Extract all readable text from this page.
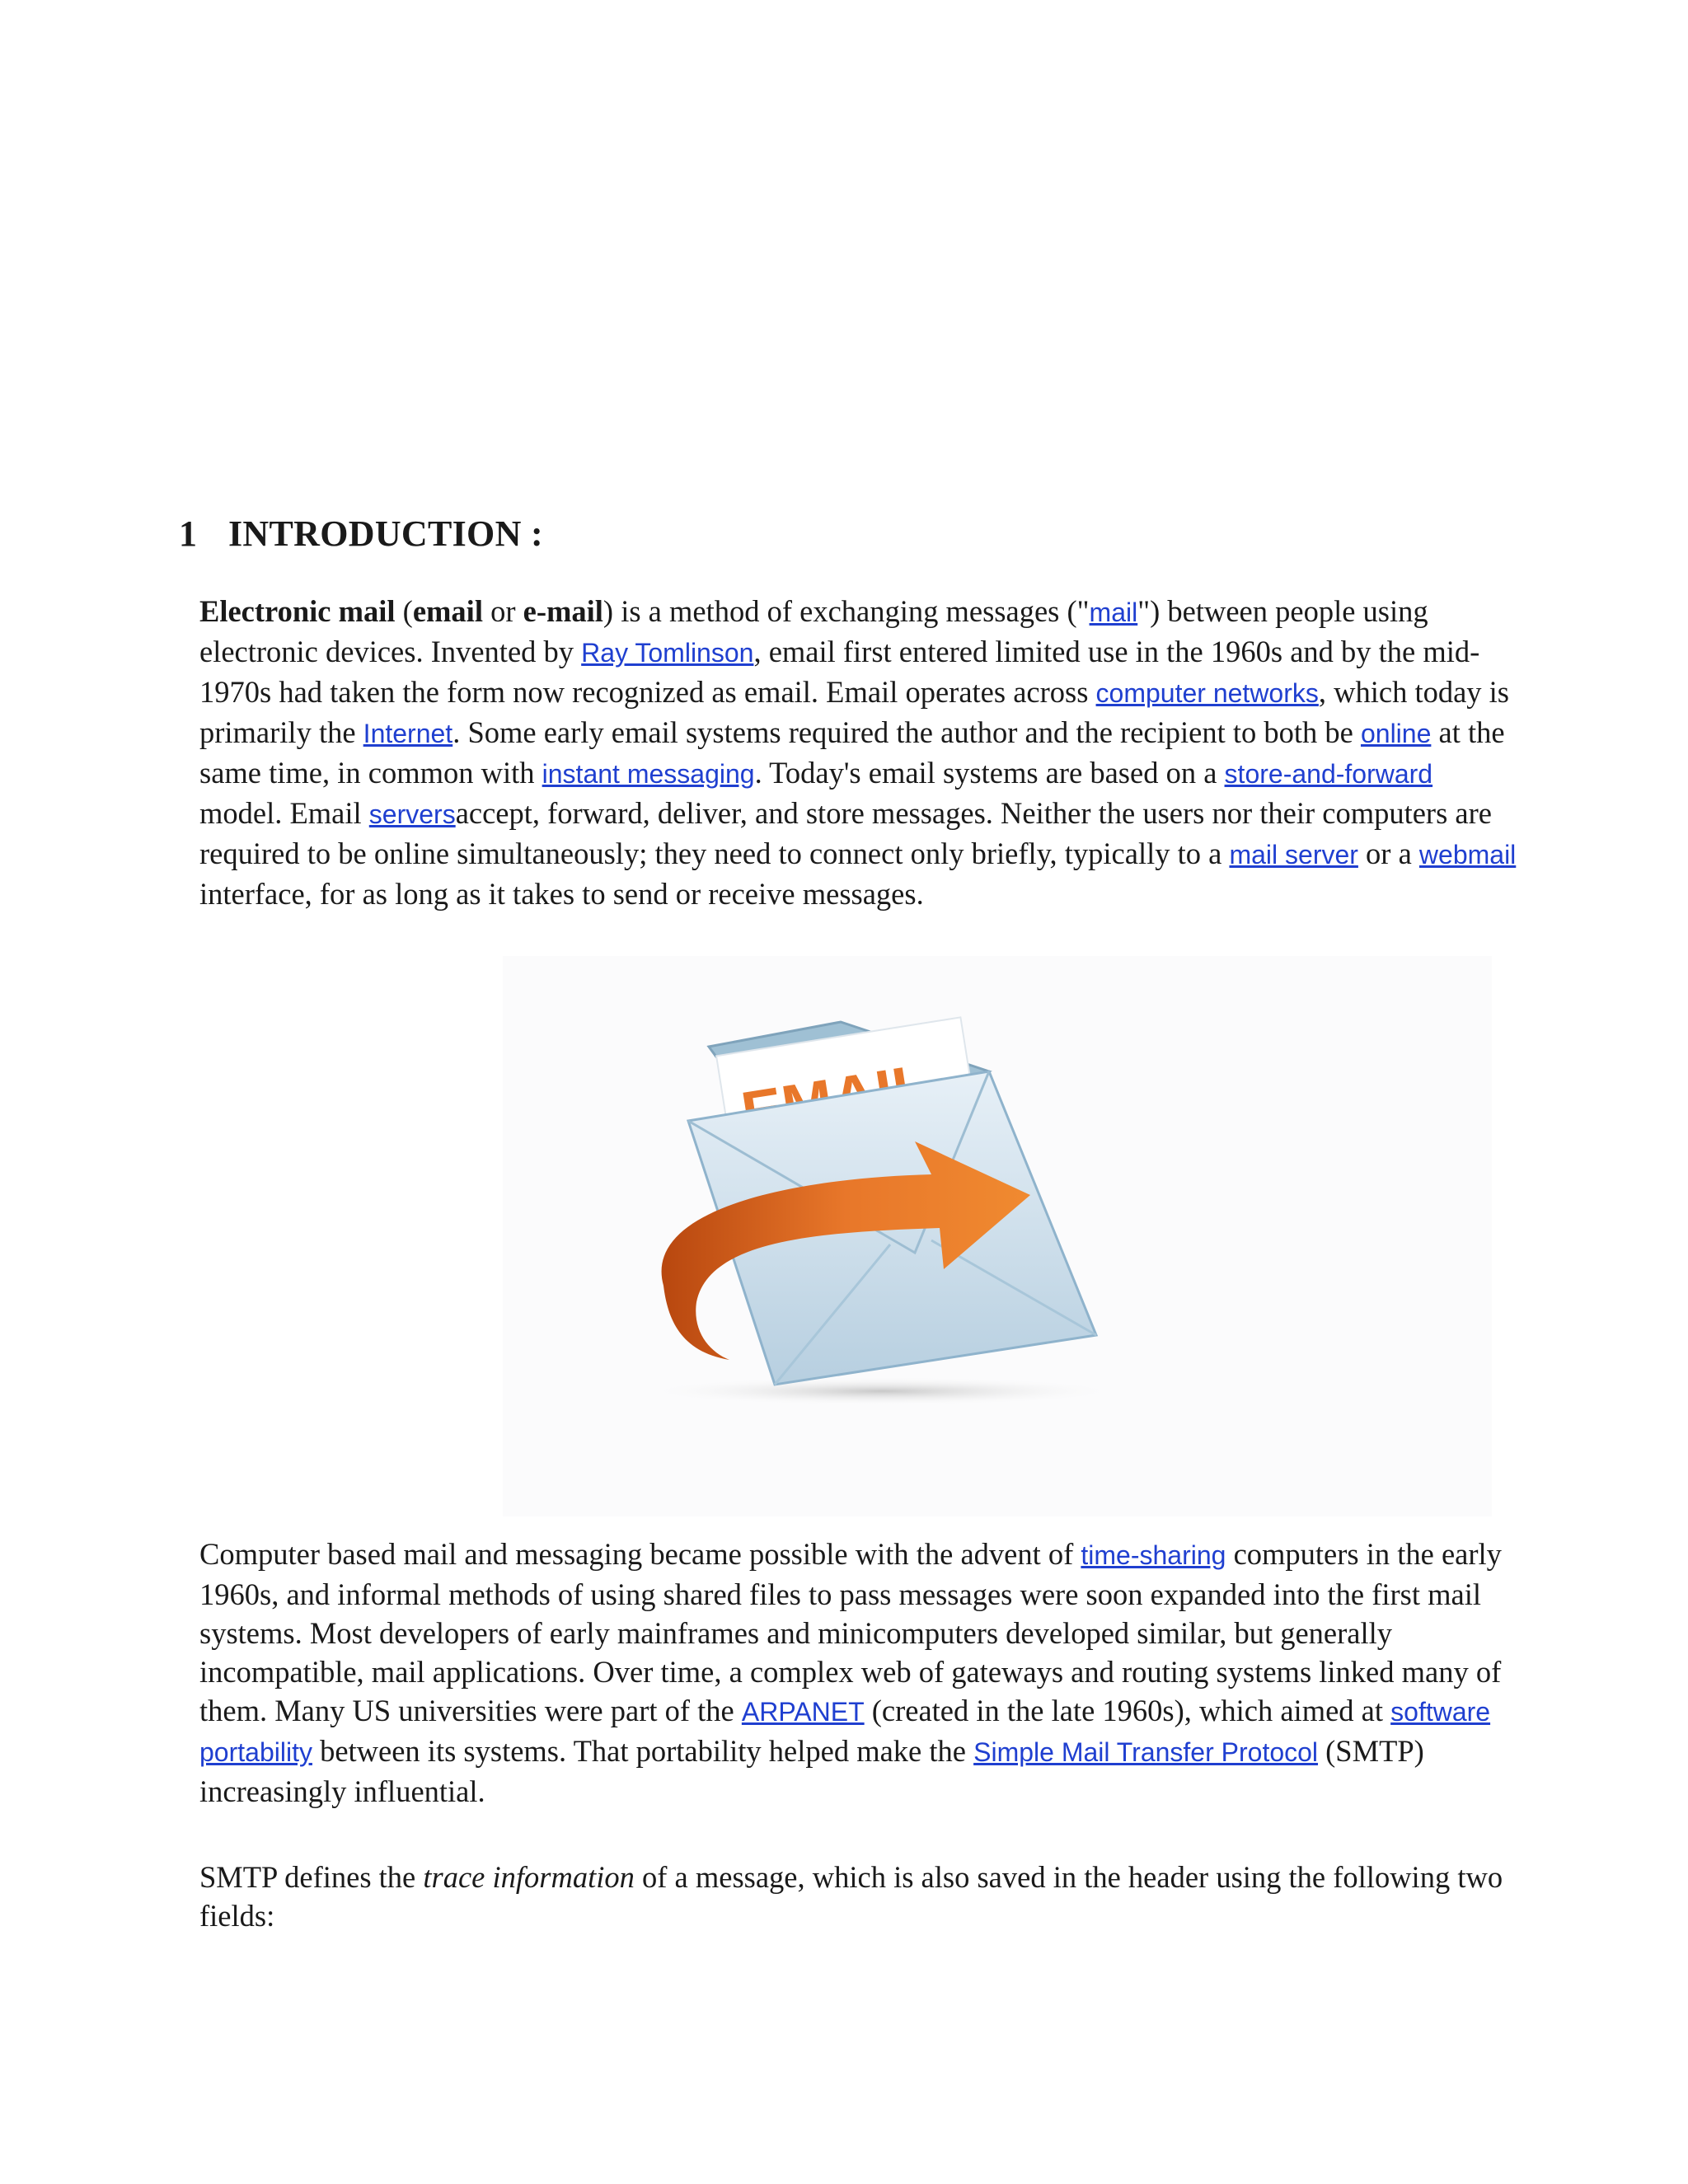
1 INTRODUCTION :

Electronic mail (email or e-mail) is a method of exchanging messages ("mail") between people using electronic devices. Invented by Ray Tomlinson, email first entered limited use in the 1960s and by the mid-1970s had taken the form now recognized as email. Email operates across computer networks, which today is primarily the Internet. Some early email systems required the author and the recipient to both be online at the same time, in common with instant messaging. Today's email systems are based on a store-and-forward model. Email serversaccept, forward, deliver, and store messages. Neither the users nor their computers are required to be online simultaneously; they need to connect only briefly, typically to a mail server or a webmail interface, for as long as it takes to send or receive messages.

Computer based mail and messaging became possible with the advent of time-sharing computers in the early 1960s, and informal methods of using shared files to pass messages were soon expanded into the first mail systems. Most developers of early mainframes and minicomputers developed similar, but generally incompatible, mail applications. Over time, a complex web of gateways and routing systems linked many of them. Many US universities were part of the ARPANET (created in the late 1960s), which aimed at software portability between its systems. That portability helped make the Simple Mail Transfer Protocol (SMTP) increasingly influential.

SMTP defines the trace information of a message, which is also saved in the header using the following two fields:
